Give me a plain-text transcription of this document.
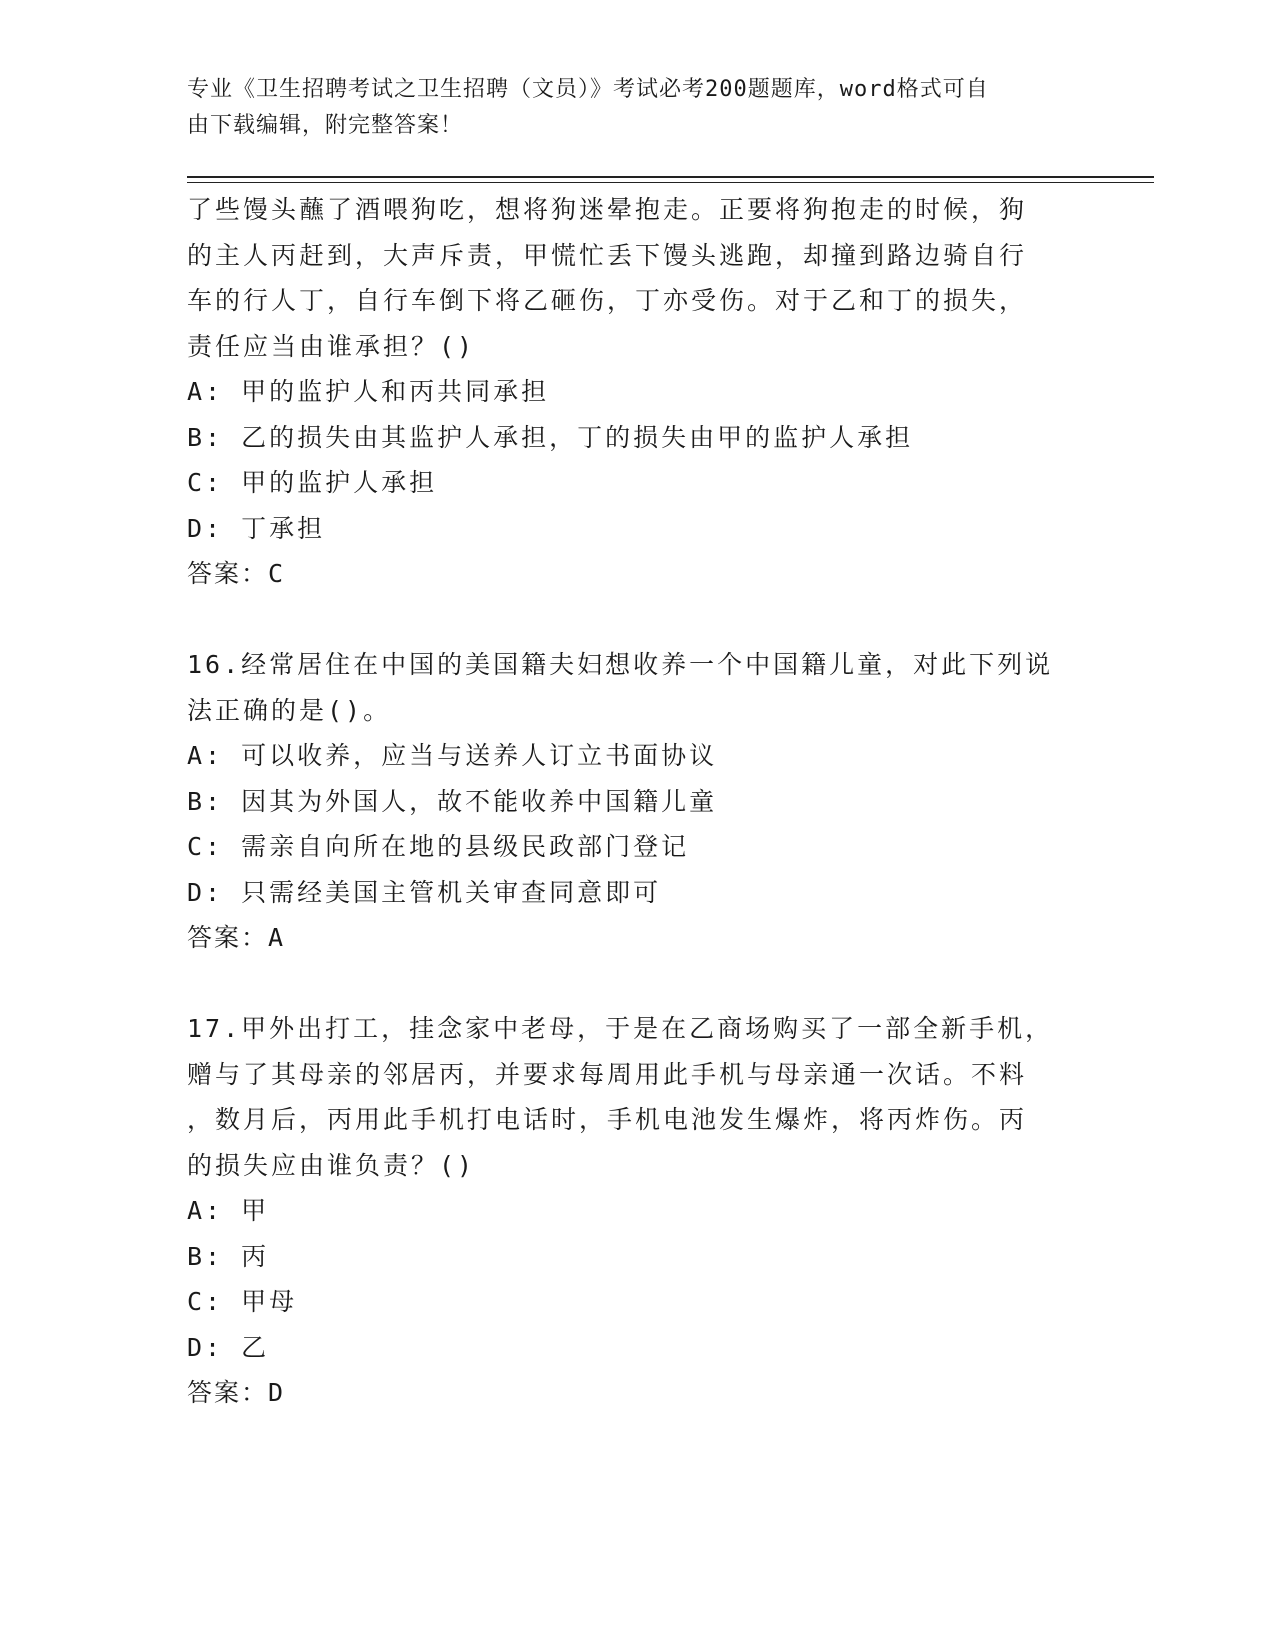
专业《卫生招聘考试之卫生招聘（文员）》考试必考200题题库，word格式可自
由下载编辑，附完整答案！
了些馒头蘸了酒喂狗吃，想将狗迷晕抱走。正要将狗抱走的时候，狗
的主人丙赶到，大声斥责，甲慌忙丢下馒头逃跑，却撞到路边骑自行
车的行人丁，自行车倒下将乙砸伤，丁亦受伤。对于乙和丁的损失，
责任应当由谁承担？()
A: 甲的监护人和丙共同承担
B: 乙的损失由其监护人承担，丁的损失由甲的监护人承担
C: 甲的监护人承担
D: 丁承担
答案：C
16.经常居住在中国的美国籍夫妇想收养一个中国籍儿童，对此下列说
法正确的是()。
A: 可以收养，应当与送养人订立书面协议
B: 因其为外国人，故不能收养中国籍儿童
C: 需亲自向所在地的县级民政部门登记
D: 只需经美国主管机关审查同意即可
答案：A
17.甲外出打工，挂念家中老母，于是在乙商场购买了一部全新手机，
赠与了其母亲的邻居丙，并要求每周用此手机与母亲通一次话。不料
，数月后，丙用此手机打电话时，手机电池发生爆炸，将丙炸伤。丙
的损失应由谁负责？()
A: 甲
B: 丙
C: 甲母
D: 乙
答案：D
